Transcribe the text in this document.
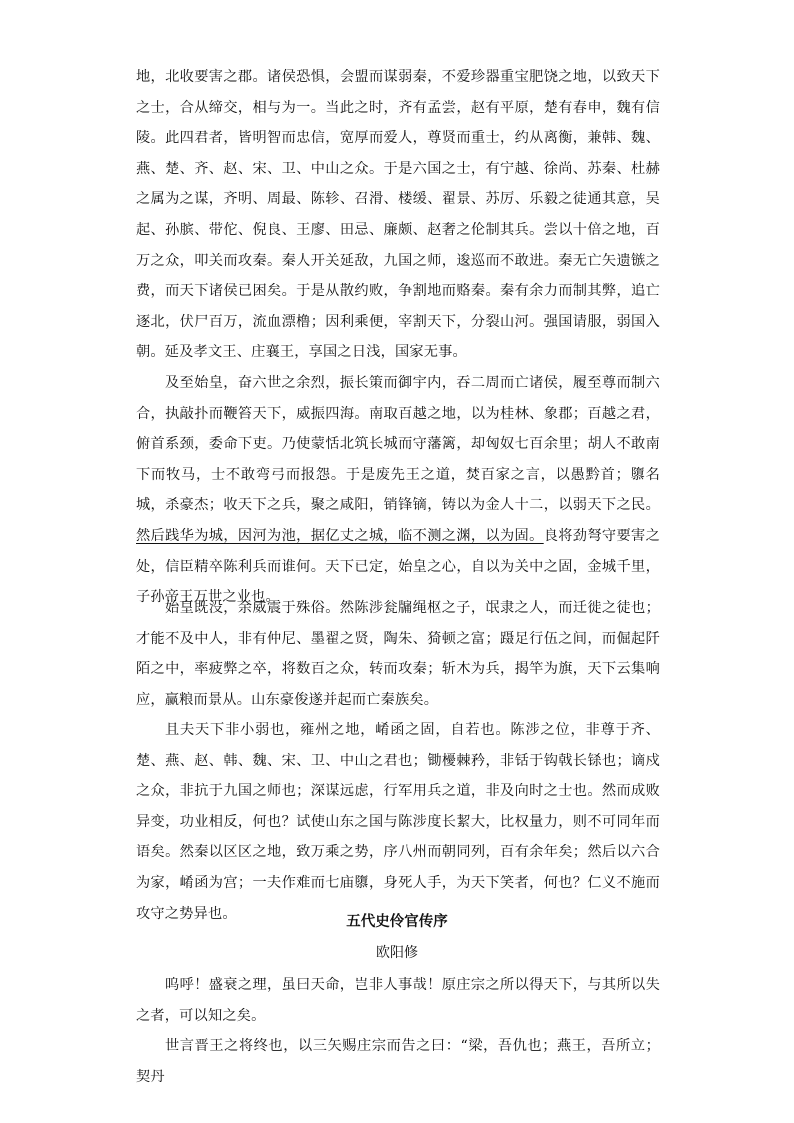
地，北收要害之郡。诸侯恐惧，会盟而谋弱秦，不爱珍器重宝肥饶之地，以致天下之士，合从缔交，相与为一。当此之时，齐有孟尝，赵有平原，楚有春申，魏有信陵。此四君者，皆明智而忠信，宽厚而爱人，尊贤而重士，约从离衡，兼韩、魏、燕、楚、齐、赵、宋、卫、中山之众。于是六国之士，有宁越、徐尚、苏秦、杜赫之属为之谋，齐明、周最、陈轸、召滑、楼缓、翟景、苏厉、乐毅之徒通其意，吴起、孙膑、带佗、倪良、王廖、田忌、廉颇、赵奢之伦制其兵。尝以十倍之地，百万之众，叩关而攻秦。秦人开关延敌，九国之师，逡巡而不敢进。秦无亡矢遗镞之费，而天下诸侯已困矣。于是从散约败，争割地而赂秦。秦有余力而制其弊，追亡逐北，伏尸百万，流血漂橹；因利乘便，宰割天下，分裂山河。强国请服，弱国入朝。延及孝文王、庄襄王，享国之日浅，国家无事。

及至始皇，奋六世之余烈，振长策而御宇内，吞二周而亡诸侯，履至尊而制六合，执敲扑而鞭笞天下，威振四海。南取百越之地，以为桂林、象郡；百越之君，俯首系颈，委命下吏。乃使蒙恬北筑长城而守藩篱，却匈奴七百余里；胡人不敢南下而牧马，士不敢弯弓而报怨。于是废先王之道，焚百家之言，以愚黔首；隳名城，杀豪杰；收天下之兵，聚之咸阳，销锋镝，铸以为金人十二，以弱天下之民。然后践华为城，因河为池，据亿丈之城，临不测之渊，以为固。良将劲弩守要害之处，信臣精卒陈利兵而谁何。天下已定，始皇之心，自以为关中之固，金城千里，子孙帝王万世之业也。

始皇既没，余威震于殊俗。然陈涉瓮牖绳枢之子，氓隶之人，而迁徙之徒也；才能不及中人，非有仲尼、墨翟之贤，陶朱、猗顿之富；蹑足行伍之间，而倔起阡陌之中，率疲弊之卒，将数百之众，转而攻秦；斩木为兵，揭竿为旗，天下云集响应，赢粮而景从。山东豪俊遂并起而亡秦族矣。

且夫天下非小弱也，雍州之地，崤函之固，自若也。陈涉之位，非尊于齐、楚、燕、赵、韩、魏、宋、卫、中山之君也；锄櫌棘矜，非铦于钩戟长铩也；谪戍之众，非抗于九国之师也；深谋远虑，行军用兵之道，非及向时之士也。然而成败异变，功业相反，何也？试使山东之国与陈涉度长絜大，比权量力，则不可同年而语矣。然秦以区区之地，致万乘之势，序八州而朝同列，百有余年矣；然后以六合为家，崤函为宫；一夫作难而七庙隳，身死人手，为天下笑者，何也？仁义不施而攻守之势异也。	五代史伶官传序

欧阳修

呜呼！盛衰之理，虽曰天命，岂非人事哉！原庄宗之所以得天下，与其所以失之者，可以知之矣。

世言晋王之将终也，以三矢赐庄宗而告之曰：“梁，吾仇也；燕王，吾所立；契丹
